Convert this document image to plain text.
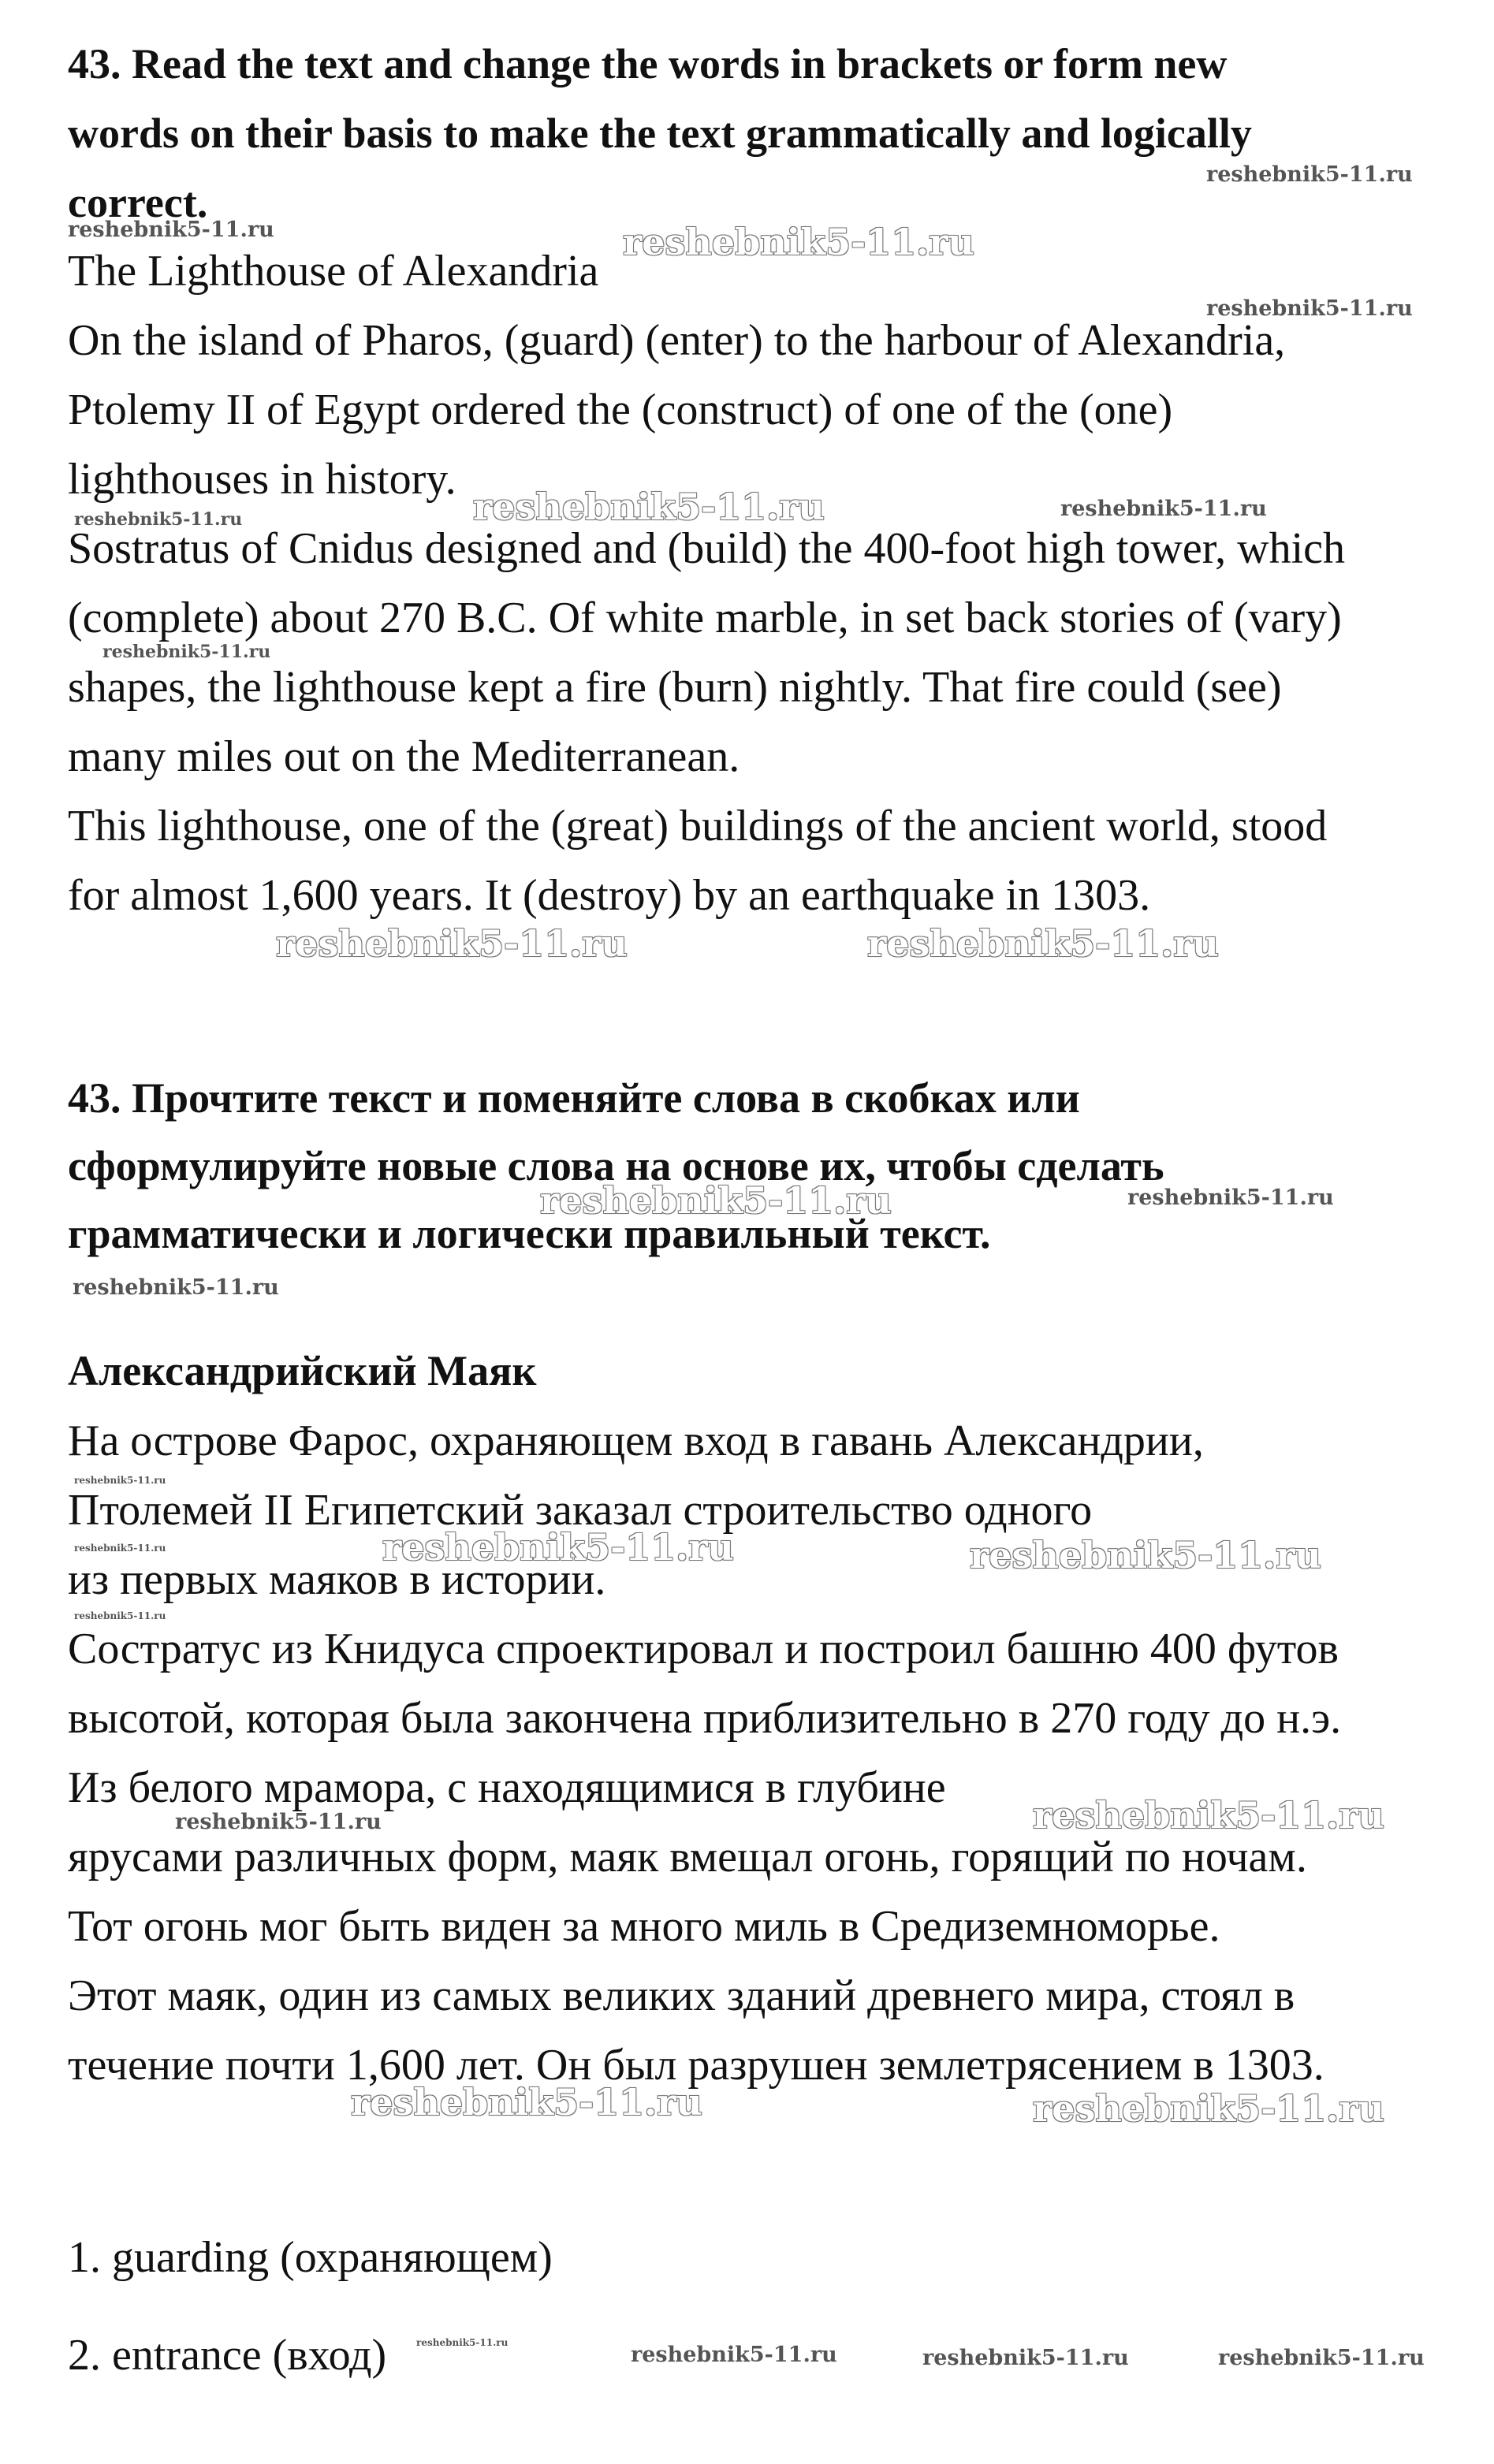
43. Read the text and change the words in brackets or form new
words on their basis to make the text grammatically and logically
correct.
The Lighthouse of Alexandria
On the island of Pharos, (guard) (enter) to the harbour of Alexandria,
Ptolemy II of Egypt ordered the (construct) of one of the (one)
lighthouses in history.
Sostratus of Cnidus designed and (build) the 400-foot high tower, which
(complete) about 270 B.C. Of white marble, in set back stories of (vary)
shapes, the lighthouse kept a fire (burn) nightly. That fire could (see)
many miles out on the Mediterranean.
This lighthouse, one of the (great) buildings of the ancient world, stood
for almost 1,600 years. It (destroy) by an earthquake in 1303.
43. Прочтите текст и поменяйте слова в скобках или
сформулируйте новые слова на основе их, чтобы сделать
грамматически и логически правильный текст.
Александрийский Маяк
На острове Фарос, охраняющем вход в гавань Александрии,
Птолемей II Египетский заказал строительство одного
из первых маяков в истории.
Состратус из Книдуса спроектировал и построил башню 400 футов
высотой, которая была закончена приблизительно в 270 году до н.э.
Из белого мрамора, с находящимися в глубине
ярусами различных форм, маяк вмещал огонь, горящий по ночам.
Тот огонь мог быть виден за много миль в Средиземноморье.
Этот маяк, один из самых великих зданий древнего мира, стоял в
течение почти 1,600 лет. Он был разрушен землетрясением в 1303.
1. guarding (охраняющем)
2. entrance (вход)
reshebnik5-11.ru
reshebnik5-11.ru
reshebnik5-11.ru	reshebnik5-11.ru
reshebnik5-11.ru
reshebnik5-11.ru	reshebnik5-11.ru
reshebnik5-11.ru
reshebnik5-11.ru	reshebnik5-11.ru
reshebnik5-11.ru
reshebnik5-11.ru
reshebnik5-11.ru
reshebnik5-11.ru
reshebnik5-11.ru
reshebnik5-11.ru
reshebnik5-11.ru
reshebnik5-11.ru	reshebnik5-11.ru	reshebnik5-11.ru
reshebnik5-11.ru
reshebnik5-11.ru
reshebnik5-11.ru
reshebnik5-11.ru
reshebnik5-11.ru
reshebnik5-11.ru
